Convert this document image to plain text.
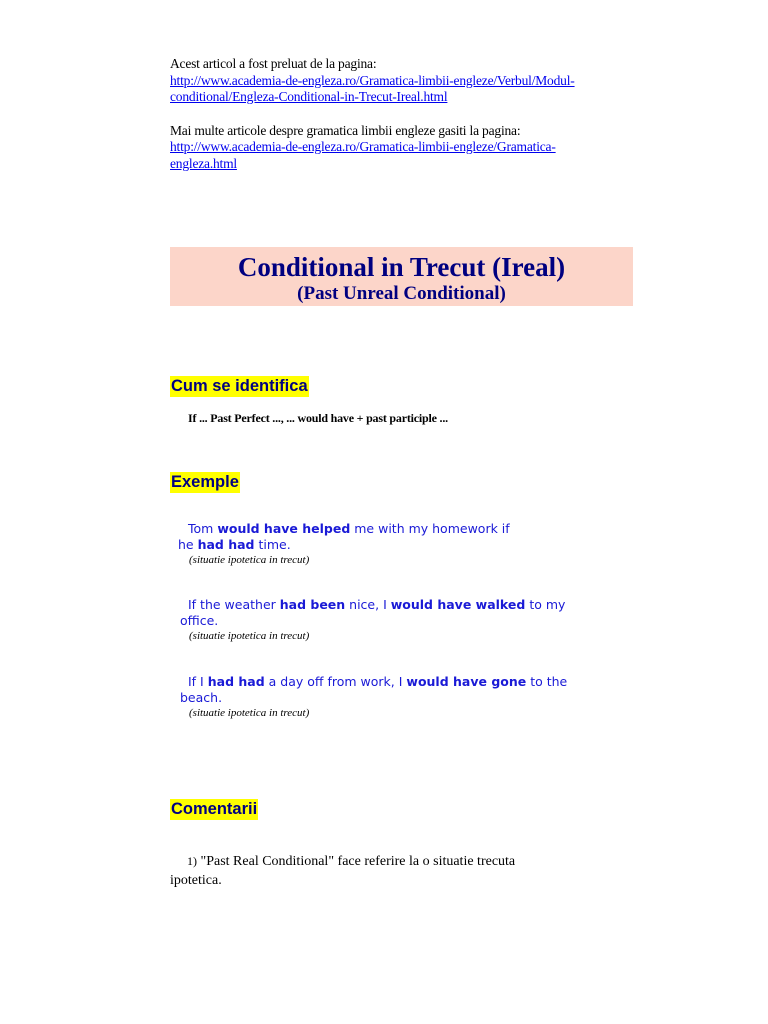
Acest articol a fost preluat de la pagina:
http://www.academia-de-engleza.ro/Gramatica-limbii-engleze/Verbul/Modul-
conditional/Engleza-Conditional-in-Trecut-Ireal.html
Mai multe articole despre gramatica limbii engleze gasiti la pagina:
http://www.academia-de-engleza.ro/Gramatica-limbii-engleze/Gramatica-
engleza.html
Conditional in Trecut (Ireal)
(Past Unreal Conditional)
Cum se identifica
If ... Past Perfect ..., ... would have + past participle ...
Exemple
Tom would have helped me with my homework if
he had had time.
(situatie ipotetica in trecut)
If the weather had been nice, I would have walked to my
office.
(situatie ipotetica in trecut)
If I had had a day off from work, I would have gone to the
beach.
(situatie ipotetica in trecut)
Comentarii
1) "Past Real Conditional" face referire la o situatie trecuta
ipotetica.
